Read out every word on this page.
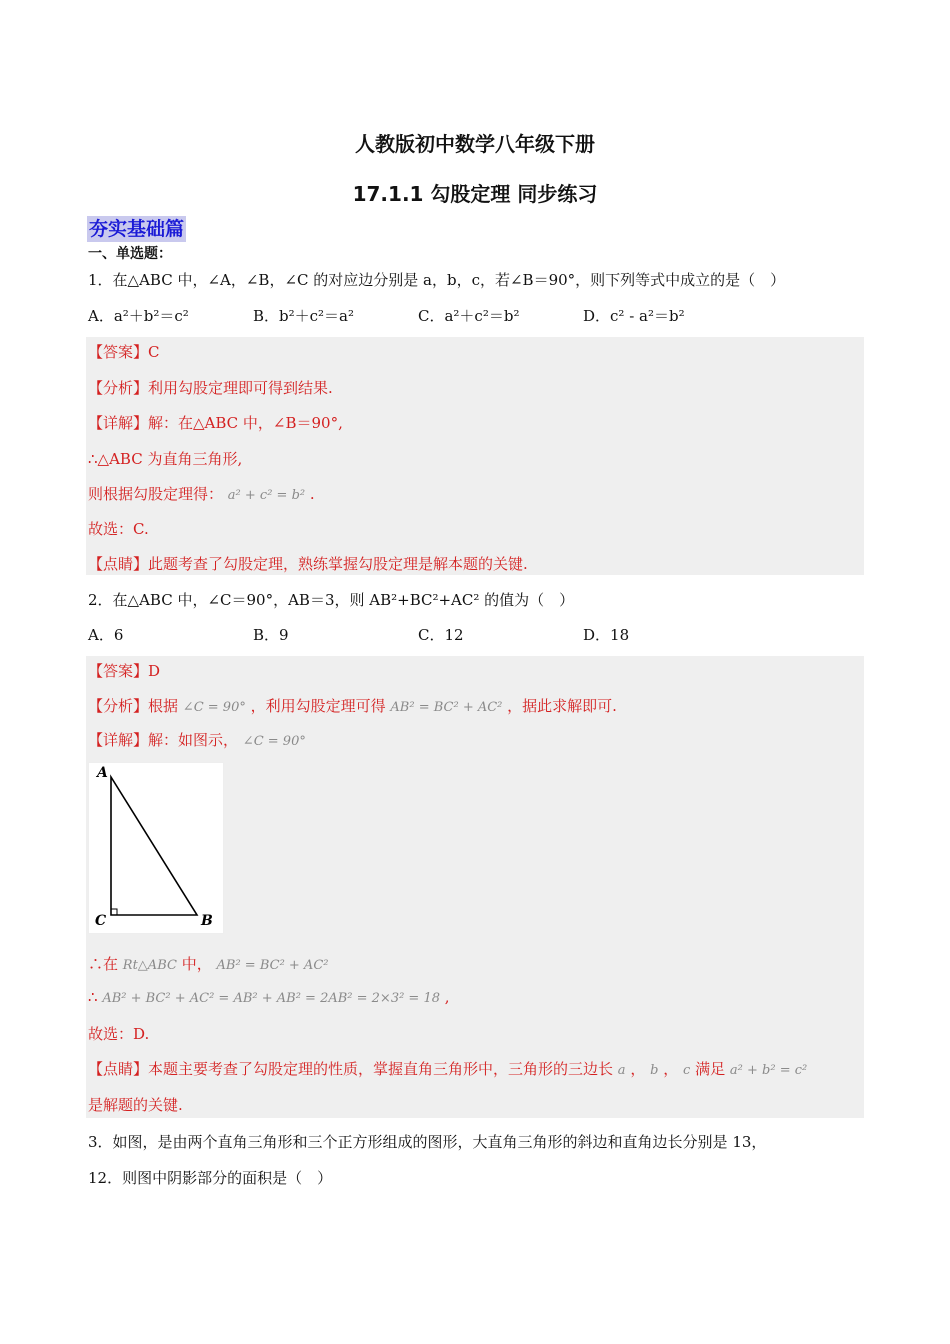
人教版初中数学八年级下册
17.1.1 勾股定理 同步练习
夯实基础篇
一、单选题：
1．在△ABC 中，∠A，∠B，∠C 的对应边分别是 a，b，c，若∠B＝90°，则下列等式中成立的是（　）
A．a²＋b²＝c²	B．b²＋c²＝a²	C．a²＋c²＝b²	D．c² - a²＝b²
【答案】C
【分析】利用勾股定理即可得到结果.
【详解】解：在△ABC 中，∠B＝90°,
∴△ABC 为直角三角形,
则根据勾股定理得： a² + c² = b² .
故选：C.
【点睛】此题考查了勾股定理，熟练掌握勾股定理是解本题的关键.
2．在△ABC 中，∠C＝90°，AB＝3，则 AB²+BC²+AC² 的值为（　）
A．6	B．9	C．12	D．18
【答案】D
【分析】根据 ∠C = 90° ，利用勾股定理可得 AB² = BC² + AC² ，据此求解即可.
【详解】解：如图示， ∠C = 90°
∴在 Rt△ABC 中， AB² = BC² + AC²
∴ AB² + BC² + AC² = AB² + AB² = 2AB² = 2×3² = 18 ,
故选：D.
【点睛】本题主要考查了勾股定理的性质，掌握直角三角形中，三角形的三边长 a ， b ， c 满足 a² + b² = c²
是解题的关键.
A
C	B
3．如图，是由两个直角三角形和三个正方形组成的图形，大直角三角形的斜边和直角边长分别是 13，
12．则图中阴影部分的面积是（　）
